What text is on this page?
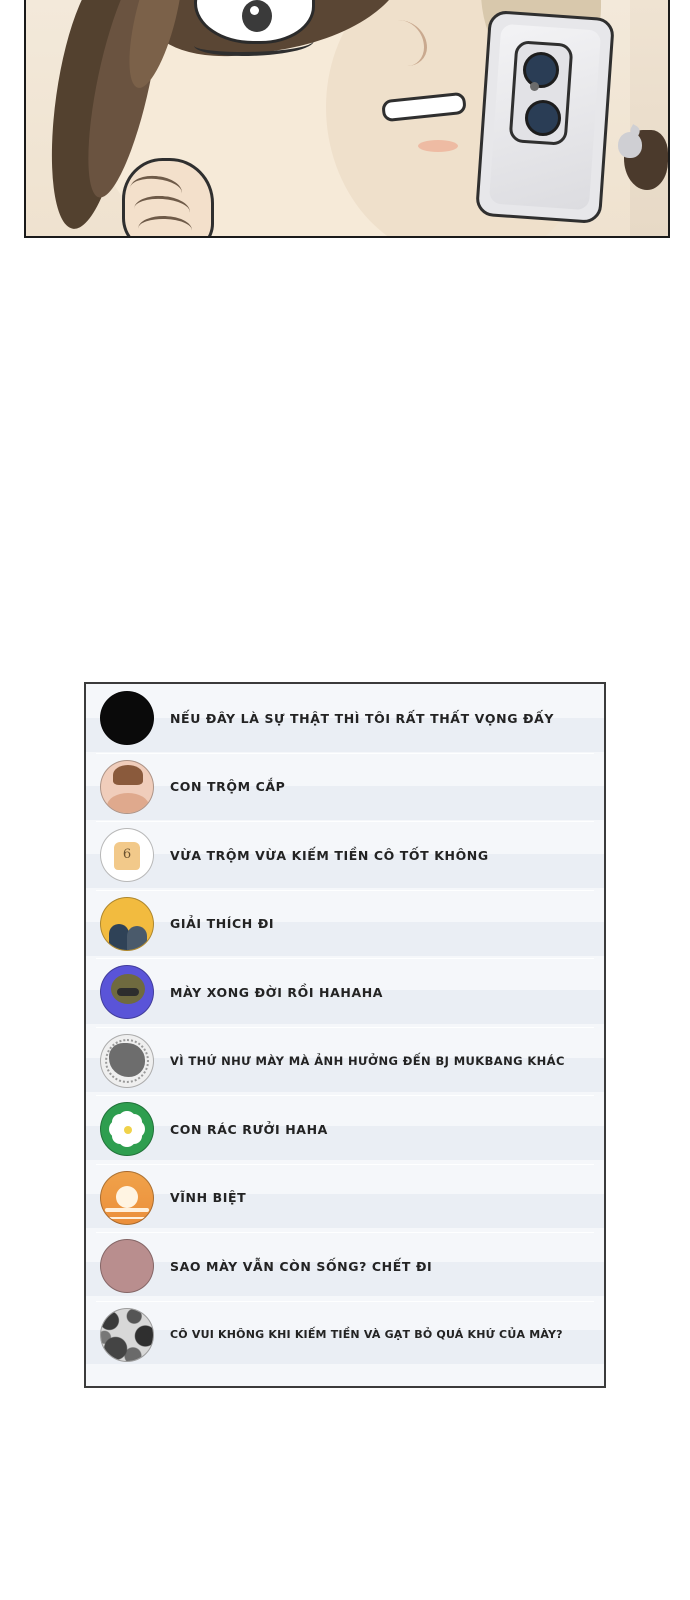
NẾU ĐÂY LÀ SỰ THẬT THÌ TÔI RẤT THẤT VỌNG ĐẤY
CON TRỘM CẮP
6
VỪA TRỘM VỪA KIẾM TIỀN CÔ TỐT KHÔNG
GIẢI THÍCH ĐI
MÀY XONG ĐỜI RỒI HAHAHA
VÌ THỨ NHƯ MÀY MÀ ẢNH HƯỞNG ĐẾN BJ MUKBANG KHÁC
CON RÁC RƯỞI HAHA
VĨNH BIỆT
SAO MÀY VẪN CÒN SỐNG? CHẾT ĐI
CÔ VUI KHÔNG KHI KIẾM TIỀN VÀ GẠT BỎ QUÁ KHỨ CỦA MÀY?
